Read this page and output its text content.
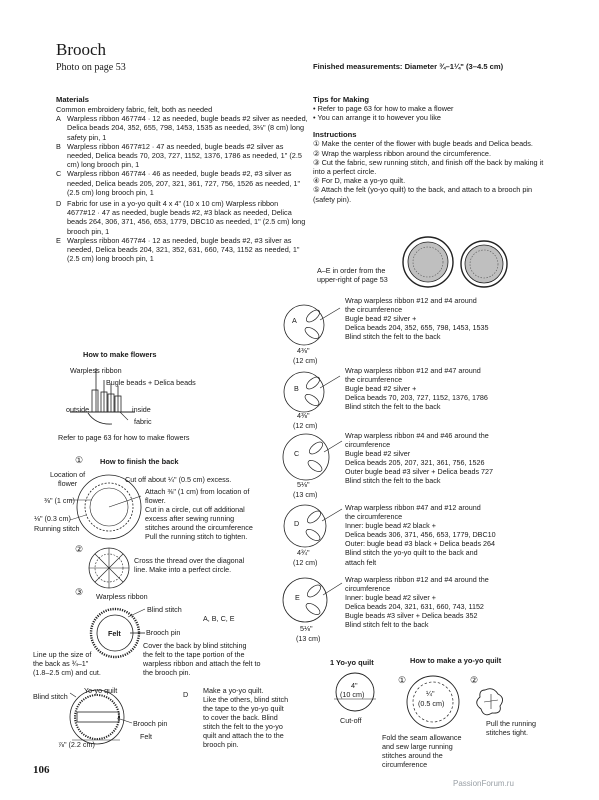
Brooch
Photo on page 53	Finished measurements: Diameter ¾–1¼" (3–4.5 cm)
Materials
Common embroidery fabric, felt, both as needed
A Warpless ribbon 4677#4 · 12 as needed, bugle beads #2 silver as needed, Delica beads 204, 352, 655, 798, 1453, 1535 as needed, 3⅛" (8 cm) long safety pin, 1
B Warpless ribbon 4677#12 · 47 as needed, bugle beads #2 silver as needed, Delica beads 70, 203, 727, 1152, 1376, 1786 as needed, 1" (2.5 cm) long brooch pin, 1
C Warpless ribbon 4677#4 · 46 as needed, bugle beads #2, #3 silver as needed, Delica beads 205, 207, 321, 361, 727, 756, 1526 as needed, 1" (2.5 cm) long brooch pin, 1
D Fabric for use in a yo-yo quilt 4 x 4" (10 x 10 cm) Warpless ribbon 4677#12 · 47 as needed, bugle beads #2, #3 black as needed, Delica beads 264, 306, 371, 456, 653, 1779, DBC10 as needed, 1" (2.5 cm) long brooch pin, 1
E Warpless ribbon 4677#4 · 12 as needed, bugle beads #2, #3 silver as needed, Delica beads 204, 321, 352, 631, 660, 743, 1152 as needed, 1" (2.5 cm) long brooch pin, 1
Tips for Making
• Refer to page 63 for how to make a flower
• You can arrange it to however you like
Instructions
① Make the center of the flower with bugle beads and Delica beads.
② Wrap the warpless ribbon around the circumference.
③ Cut the fabric, sew running stitch, and finish off the back by making it into a perfect circle.
④ For D, make a yo-yo quilt.
⑤ Attach the felt (yo-yo quilt) to the back, and attach to a brooch pin (safety pin).
A–E in order from the
upper-right of page 53
A
4⅜"
(12 cm)
Wrap warpless ribbon #12 and #4 around
the circumference
Bugle bead #2 silver +
Delica beads 204, 352, 655, 798, 1453, 1535
Blind stitch the felt to the back
B
4⅜"
(12 cm)
Wrap warpless ribbon #12 and #47 around
the circumference
Bugle bead #2 silver +
Delica beads 70, 203, 727, 1152, 1376, 1786
Blind stitch the felt to the back
C
5⅛"
(13 cm)
Wrap warpless ribbon #4 and #46 around the
circumference
Bugle bead #2 silver
Delica beads 205, 207, 321, 361, 756, 1526
Outer bugle bead #3 silver + Delica beads 727
Blind stitch the felt to the back
D
4¾"
(12 cm)
Wrap warpless ribbon #47 and #12 around
the circumference
Inner: bugle bead #2 black +
Delica beads 306, 371, 456, 653, 1779, DBC10
Outer: bugle bead #3 black + Delica beads 264
Blind stitch the yo-yo quilt to the back and
attach felt
E
5⅛"
(13 cm)
Wrap warpless ribbon #12 and #4 around the
circumference
Inner: bugle bead #2 silver +
Delica beads 204, 321, 631, 660, 743, 1152
Bugle beads #3 silver + Delica beads 352
Blind stitch felt to the back
How to make flowers
Warpless ribbon
Bugle beads + Delica beads
outside	inside
fabric
Refer to page 63 for how to make flowers
How to finish the back
①
Location of
flower	Cut off about ¼" (0.5 cm) excess.
⅜" (1 cm)
⅛" (0.3 cm)
Running stitch
Attach ⅜" (1 cm) from location of
flower.
Cut in a circle, cut off additional
excess after sewing running
stitches around the circumference
Pull the running stitch to tighten.
②
Cross the thread over the diagonal
line. Make into a perfect circle.
③ Warpless ribbon
Blind stitch
A, B, C, E
Felt	Brooch pin
Line up the size of
the back as ¾–1"
(1.8–2.5 cm) and cut.
Cover the back by blind stitching
the felt to the tape portion of the
warpless ribbon and attach the felt to
the brooch pin.
D Make a yo-yo quilt.
Like the others, blind stitch
the tape to the yo-yo quilt
to cover the back. Blind
stitch the felt to the yo-yo
quilt and attach the to the
brooch pin.
Blind stitch
Yo-yo quilt
Brooch pin
Felt
⅞" (2.2 cm)
1 Yo-yo quilt
4"
(10 cm)
Cut-off
How to make a yo-yo quilt
①	②
¼"
(0.5 cm)
Fold the seam allowance
and sew large running
stitches around the
circumference
Pull the running
stitches tight.
106
PassionForum.ru
